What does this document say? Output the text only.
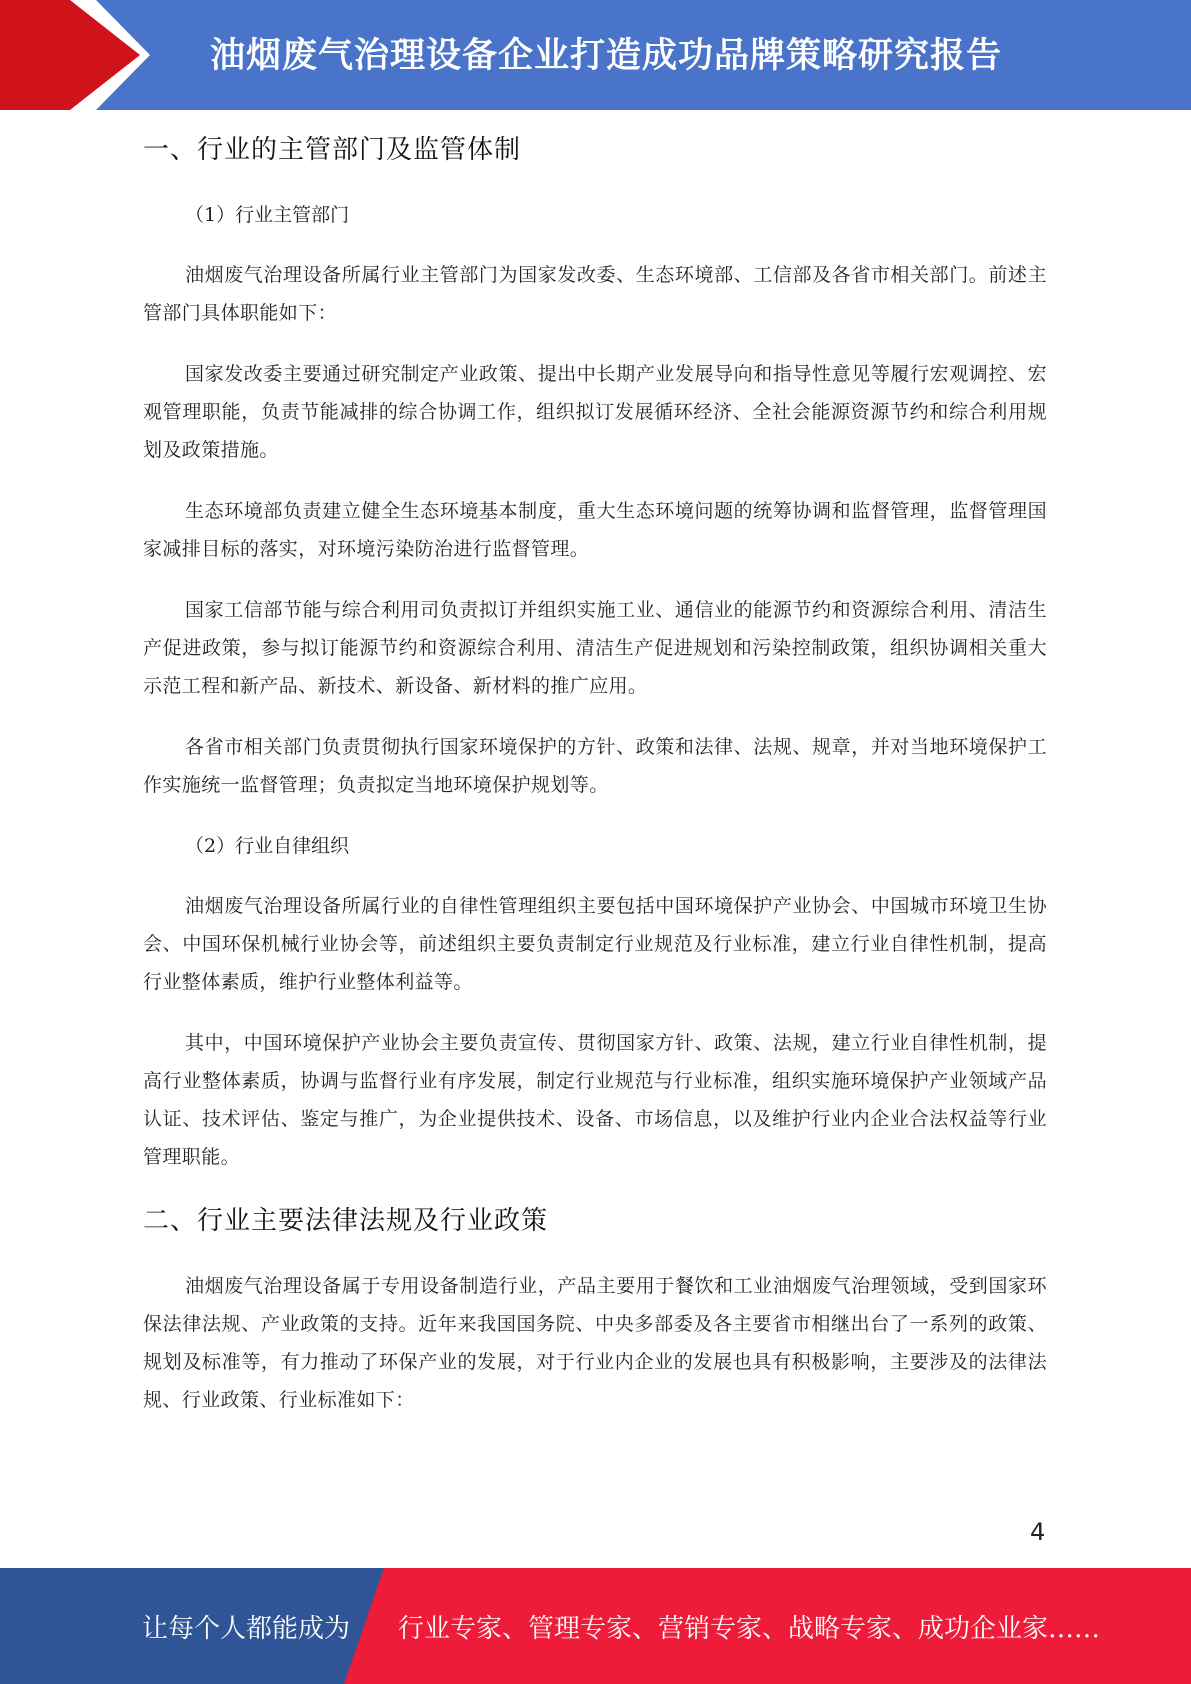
油烟废气治理设备企业打造成功品牌策略研究报告
一、行业的主管部门及监管体制
（1）行业主管部门

油烟废气治理设备所属行业主管部门为国家发改委、生态环境部、工信部及各省市相关部门。前述主管部门具体职能如下：

国家发改委主要通过研究制定产业政策、提出中长期产业发展导向和指导性意见等履行宏观调控、宏观管理职能，负责节能减排的综合协调工作，组织拟订发展循环经济、全社会能源资源节约和综合利用规划及政策措施。

生态环境部负责建立健全生态环境基本制度，重大生态环境问题的统筹协调和监督管理，监督管理国家减排目标的落实，对环境污染防治进行监督管理。

国家工信部节能与综合利用司负责拟订并组织实施工业、通信业的能源节约和资源综合利用、清洁生产促进政策，参与拟订能源节约和资源综合利用、清洁生产促进规划和污染控制政策，组织协调相关重大示范工程和新产品、新技术、新设备、新材料的推广应用。

各省市相关部门负责贯彻执行国家环境保护的方针、政策和法律、法规、规章，并对当地环境保护工作实施统一监督管理；负责拟定当地环境保护规划等。

（2）行业自律组织

油烟废气治理设备所属行业的自律性管理组织主要包括中国环境保护产业协会、中国城市环境卫生协会、中国环保机械行业协会等，前述组织主要负责制定行业规范及行业标准，建立行业自律性机制，提高行业整体素质，维护行业整体利益等。

其中，中国环境保护产业协会主要负责宣传、贯彻国家方针、政策、法规，建立行业自律性机制，提高行业整体素质，协调与监督行业有序发展，制定行业规范与行业标准，组织实施环境保护产业领域产品认证、技术评估、鉴定与推广，为企业提供技术、设备、市场信息，以及维护行业内企业合法权益等行业管理职能。

二、行业主要法律法规及行业政策

油烟废气治理设备属于专用设备制造行业，产品主要用于餐饮和工业油烟废气治理领域，受到国家环保法律法规、产业政策的支持。近年来我国国务院、中央多部委及各主要省市相继出台了一系列的政策、规划及标准等，有力推动了环保产业的发展，对于行业内企业的发展也具有积极影响，主要涉及的法律法规、行业政策、行业标准如下：

4
让每个人都能成为 行业专家、管理专家、营销专家、战略专家、成功企业家……
